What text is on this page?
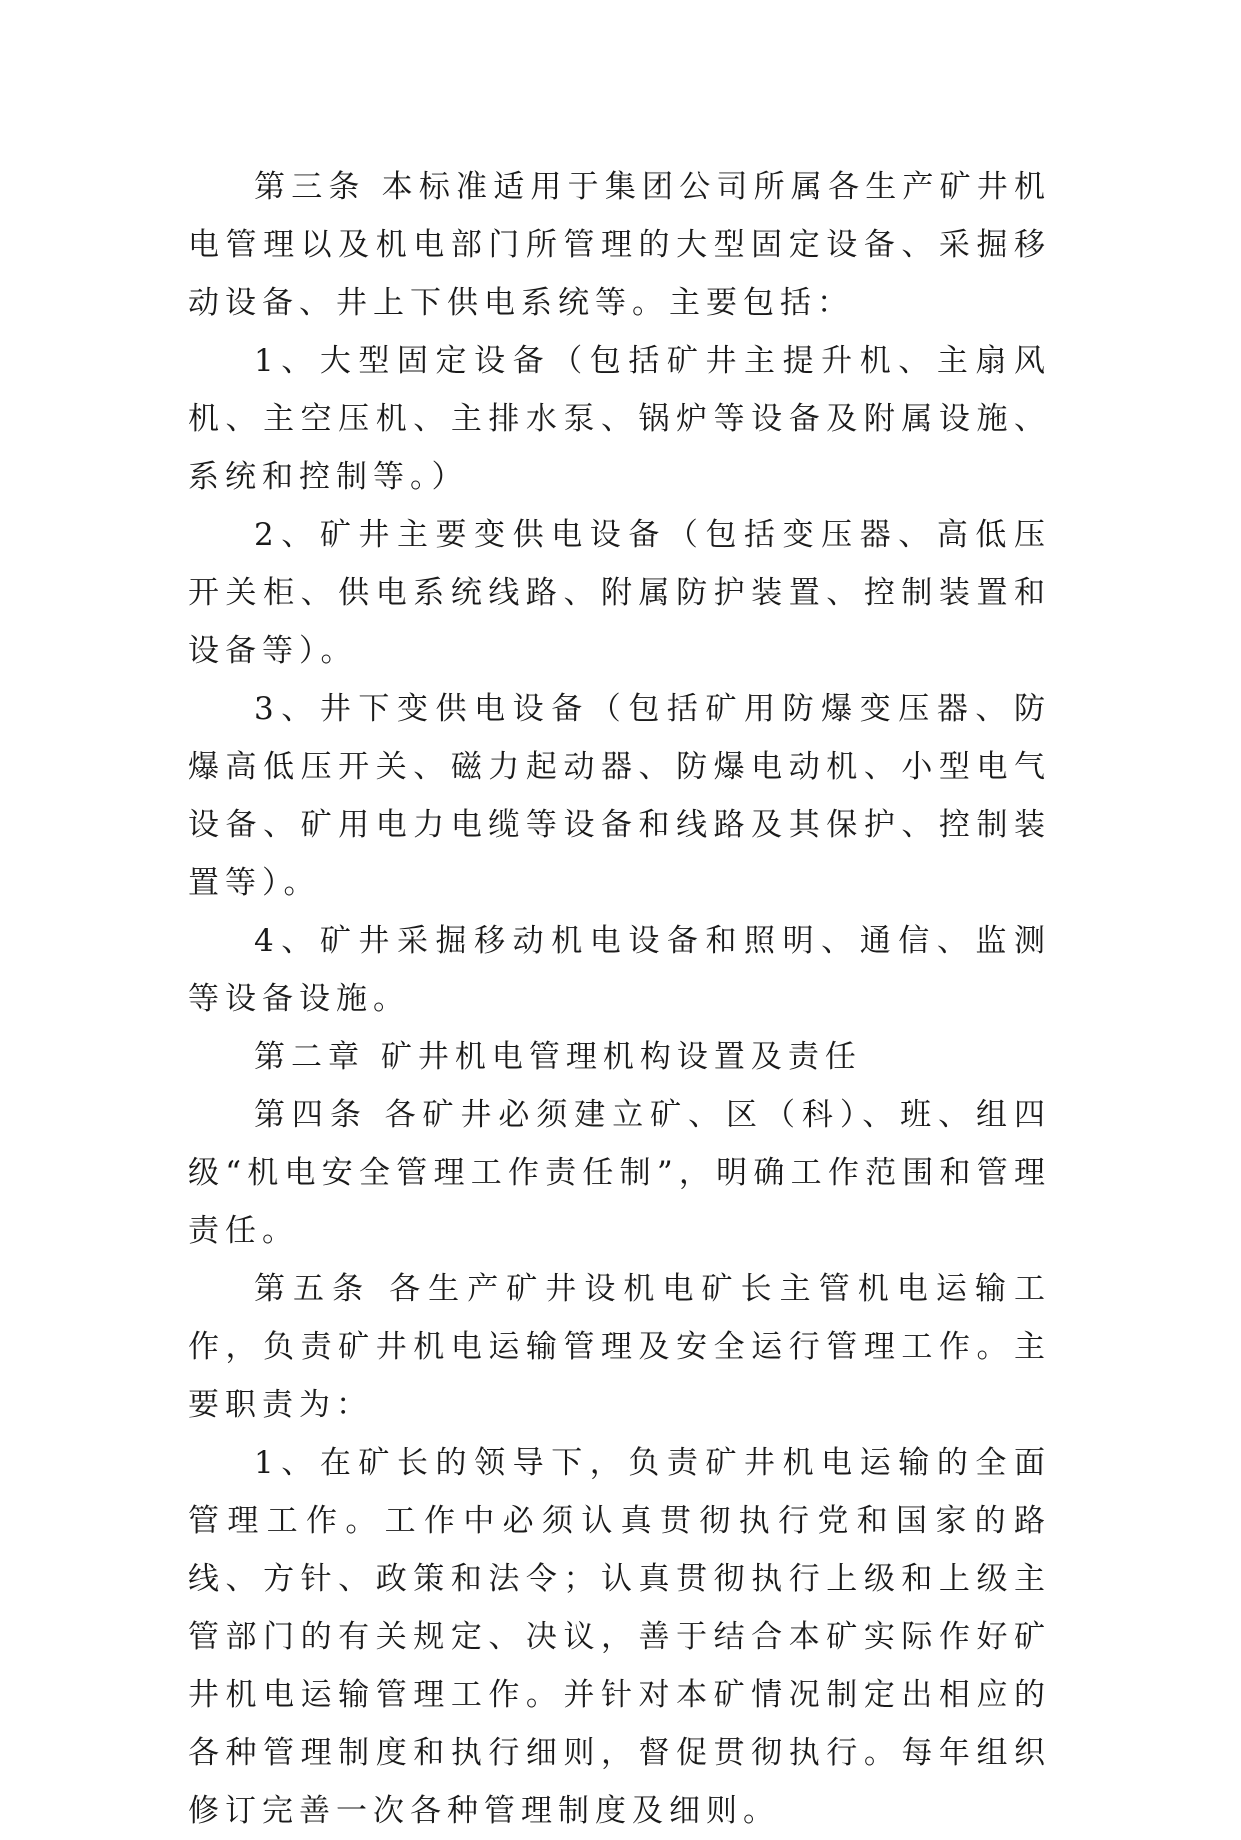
第三条 本标准适用于集团公司所属各生产矿井机电管理以及机电部门所管理的大型固定设备、采掘移动设备、井上下供电系统等。主要包括：

1、大型固定设备（包括矿井主提升机、主扇风机、主空压机、主排水泵、锅炉等设备及附属设施、系统和控制等。）

2、矿井主要变供电设备（包括变压器、高低压开关柜、供电系统线路、附属防护装置、控制装置和设备等）。

3、井下变供电设备（包括矿用防爆变压器、防爆高低压开关、磁力起动器、防爆电动机、小型电气设备、矿用电力电缆等设备和线路及其保护、控制装置等）。

4、矿井采掘移动机电设备和照明、通信、监测等设备设施。

第二章 矿井机电管理机构设置及责任

第四条 各矿井必须建立矿、区（科）、班、组四级“机电安全管理工作责任制”，明确工作范围和管理责任。

第五条 各生产矿井设机电矿长主管机电运输工作，负责矿井机电运输管理及安全运行管理工作。主要职责为：

1、在矿长的领导下，负责矿井机电运输的全面管理工作。工作中必须认真贯彻执行党和国家的路线、方针、政策和法令；认真贯彻执行上级和上级主管部门的有关规定、决议，善于结合本矿实际作好矿井机电运输管理工作。并针对本矿情况制定出相应的各种管理制度和执行细则，督促贯彻执行。每年组织修订完善一次各种管理制度及细则。
